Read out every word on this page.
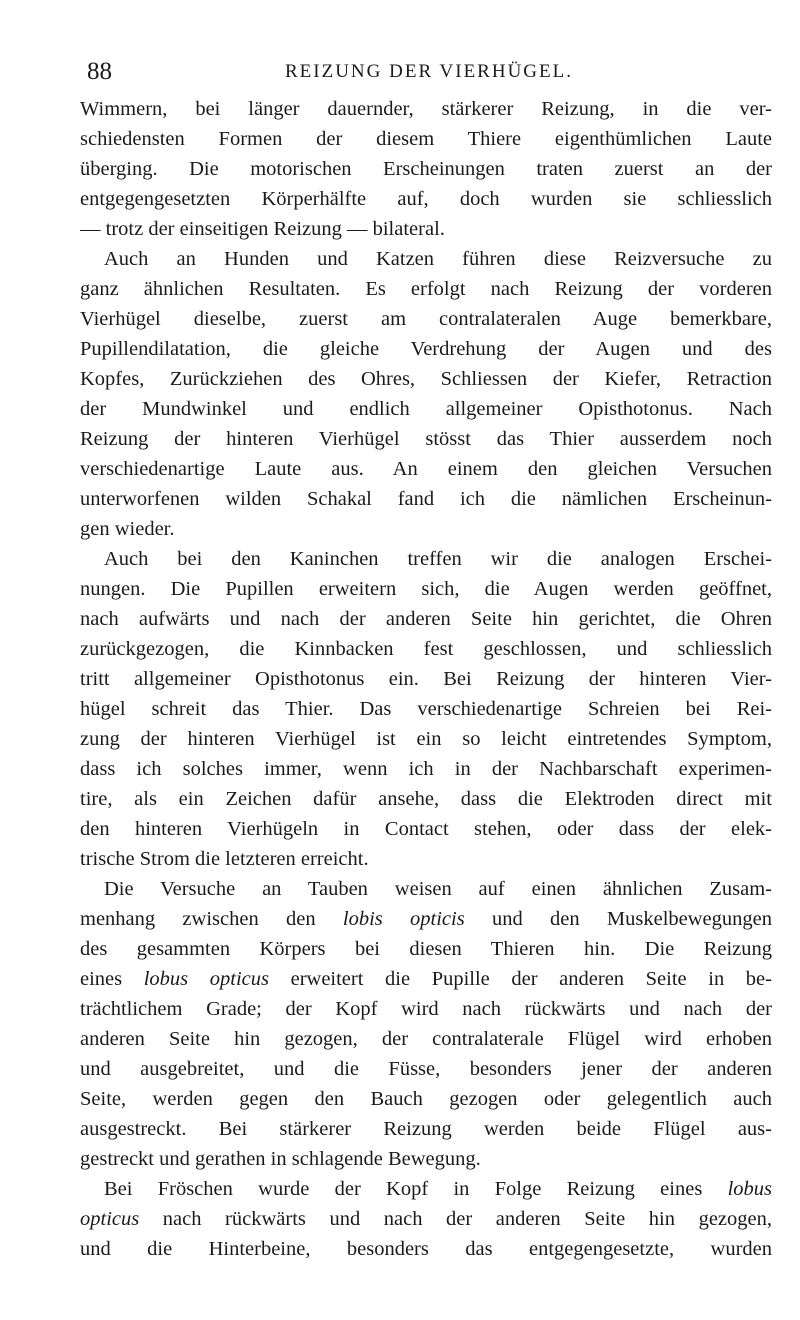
88	REIZUNG DER VIERHÜGEL.
Wimmern, bei länger dauernder, stärkerer Reizung, in die ver-
schiedensten Formen der diesem Thiere eigenthümlichen Laute
überging. Die motorischen Erscheinungen traten zuerst an der
entgegengesetzten Körperhälfte auf, doch wurden sie schliesslich
— trotz der einseitigen Reizung — bilateral.
Auch an Hunden und Katzen führen diese Reizversuche zu
ganz ähnlichen Resultaten. Es erfolgt nach Reizung der vorderen
Vierhügel dieselbe, zuerst am contralateralen Auge bemerkbare,
Pupillendilatation, die gleiche Verdrehung der Augen und des
Kopfes, Zurückziehen des Ohres, Schliessen der Kiefer, Retraction
der Mundwinkel und endlich allgemeiner Opisthotonus. Nach
Reizung der hinteren Vierhügel stösst das Thier ausserdem noch
verschiedenartige Laute aus. An einem den gleichen Versuchen
unterworfenen wilden Schakal fand ich die nämlichen Erscheinun-
gen wieder.
Auch bei den Kaninchen treffen wir die analogen Erschei-
nungen. Die Pupillen erweitern sich, die Augen werden geöffnet,
nach aufwärts und nach der anderen Seite hin gerichtet, die Ohren
zurückgezogen, die Kinnbacken fest geschlossen, und schliesslich
tritt allgemeiner Opisthotonus ein. Bei Reizung der hinteren Vier-
hügel schreit das Thier. Das verschiedenartige Schreien bei Rei-
zung der hinteren Vierhügel ist ein so leicht eintretendes Symptom,
dass ich solches immer, wenn ich in der Nachbarschaft experimen-
tire, als ein Zeichen dafür ansehe, dass die Elektroden direct mit
den hinteren Vierhügeln in Contact stehen, oder dass der elek-
trische Strom die letzteren erreicht.
Die Versuche an Tauben weisen auf einen ähnlichen Zusam-
menhang zwischen den lobis opticis und den Muskelbewegungen
des gesammten Körpers bei diesen Thieren hin. Die Reizung
eines lobus opticus erweitert die Pupille der anderen Seite in be-
trächtlichem Grade; der Kopf wird nach rückwärts und nach der
anderen Seite hin gezogen, der contralaterale Flügel wird erhoben
und ausgebreitet, und die Füsse, besonders jener der anderen
Seite, werden gegen den Bauch gezogen oder gelegentlich auch
ausgestreckt. Bei stärkerer Reizung werden beide Flügel aus-
gestreckt und gerathen in schlagende Bewegung.
Bei Fröschen wurde der Kopf in Folge Reizung eines lobus
opticus nach rückwärts und nach der anderen Seite hin gezogen,
und die Hinterbeine, besonders das entgegengesetzte, wurden
